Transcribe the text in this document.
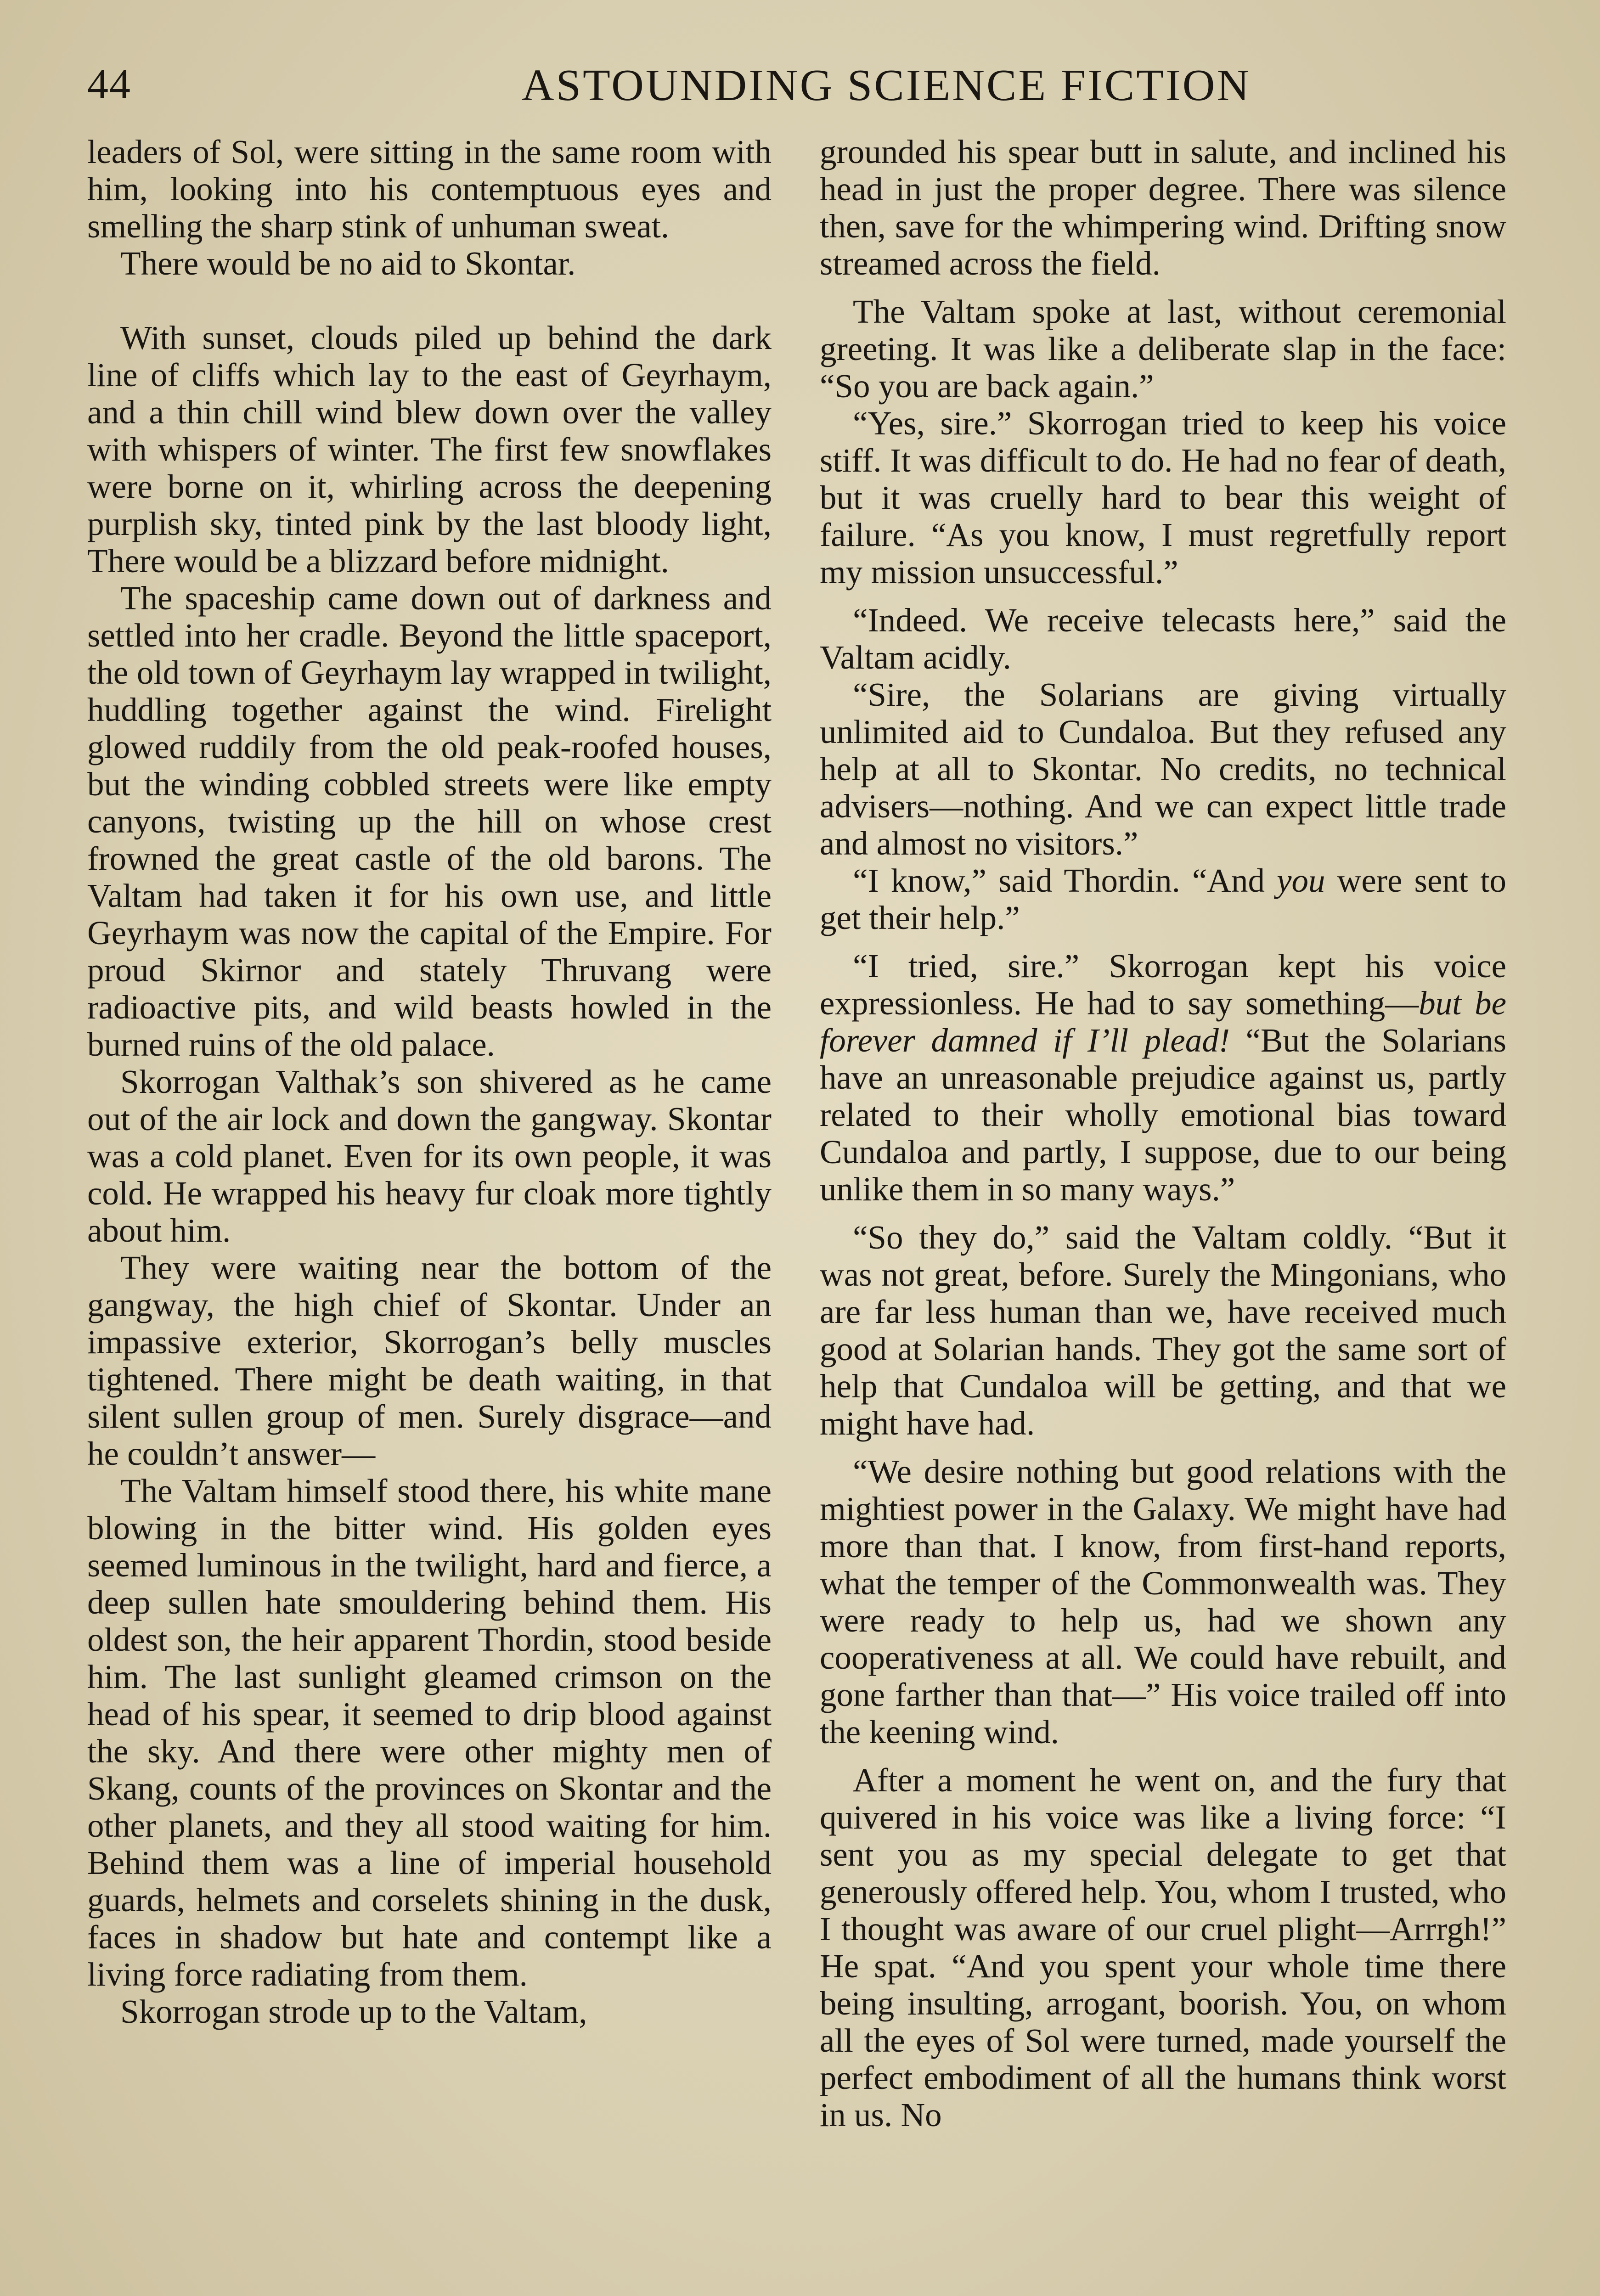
44	ASTOUNDING SCIENCE FICTION

leaders of Sol, were sitting in the same room with him, looking into his contemptuous eyes and smelling the sharp stink of unhuman sweat.

There would be no aid to Skontar.

With sunset, clouds piled up behind the dark line of cliffs which lay to the east of Geyrhaym, and a thin chill wind blew down over the valley with whispers of winter. The first few snowflakes were borne on it, whirling across the deepening purplish sky, tinted pink by the last bloody light, There would be a blizzard before midnight.

The spaceship came down out of darkness and settled into her cradle. Beyond the little spaceport, the old town of Geyrhaym lay wrapped in twilight, huddling together against the wind. Firelight glowed ruddily from the old peak-roofed houses, but the winding cobbled streets were like empty canyons, twisting up the hill on whose crest frowned the great castle of the old barons. The Valtam had taken it for his own use, and little Geyrhaym was now the capital of the Empire. For proud Skirnor and stately Thruvang were radioactive pits, and wild beasts howled in the burned ruins of the old palace.

Skorrogan Valthak’s son shivered as he came out of the air lock and down the gangway. Skontar was a cold planet. Even for its own people, it was cold. He wrapped his heavy fur cloak more tightly about him.

They were waiting near the bottom of the gangway, the high chief of Skontar. Under an impassive exterior, Skorrogan’s belly muscles tightened. There might be death waiting, in that silent sullen group of men. Surely disgrace—and he couldn’t answer—

The Valtam himself stood there, his white mane blowing in the bitter wind. His golden eyes seemed luminous in the twilight, hard and fierce, a deep sullen hate smouldering behind them. His oldest son, the heir apparent Thordin, stood beside him. The last sunlight gleamed crimson on the head of his spear, it seemed to drip blood against the sky. And there were other mighty men of Skang, counts of the provinces on Skontar and the other planets, and they all stood waiting for him. Behind them was a line of imperial household guards, helmets and corselets shining in the dusk, faces in shadow but hate and contempt like a living force radiating from them.

Skorrogan strode up to the Valtam,

grounded his spear butt in salute, and inclined his head in just the proper degree. There was silence then, save for the whimpering wind. Drifting snow streamed across the field.

The Valtam spoke at last, without ceremonial greeting. It was like a deliberate slap in the face: “So you are back again.”

“Yes, sire.” Skorrogan tried to keep his voice stiff. It was difficult to do. He had no fear of death, but it was cruelly hard to bear this weight of failure. “As you know, I must regretfully report my mission unsuccessful.”

“Indeed. We receive telecasts here,” said the Valtam acidly.

“Sire, the Solarians are giving virtually unlimited aid to Cundaloa. But they refused any help at all to Skontar. No credits, no technical advisers—nothing. And we can expect little trade and almost no visitors.”

“I know,” said Thordin. “And you were sent to get their help.”

“I tried, sire.” Skorrogan kept his voice expressionless. He had to say something—but be forever damned if I’ll plead! “But the Solarians have an unreasonable prejudice against us, partly related to their wholly emotional bias toward Cundaloa and partly, I suppose, due to our being unlike them in so many ways.”

“So they do,” said the Valtam coldly. “But it was not great, before. Surely the Mingonians, who are far less human than we, have received much good at Solarian hands. They got the same sort of help that Cundaloa will be getting, and that we might have had.

“We desire nothing but good relations with the mightiest power in the Galaxy. We might have had more than that. I know, from first-hand reports, what the temper of the Commonwealth was. They were ready to help us, had we shown any cooperativeness at all. We could have rebuilt, and gone farther than that—” His voice trailed off into the keening wind.

After a moment he went on, and the fury that quivered in his voice was like a living force: “I sent you as my special delegate to get that generously offered help. You, whom I trusted, who I thought was aware of our cruel plight—Arrrgh!” He spat. “And you spent your whole time there being insulting, arrogant, boorish. You, on whom all the eyes of Sol were turned, made yourself the perfect embodiment of all the humans think worst in us. No
